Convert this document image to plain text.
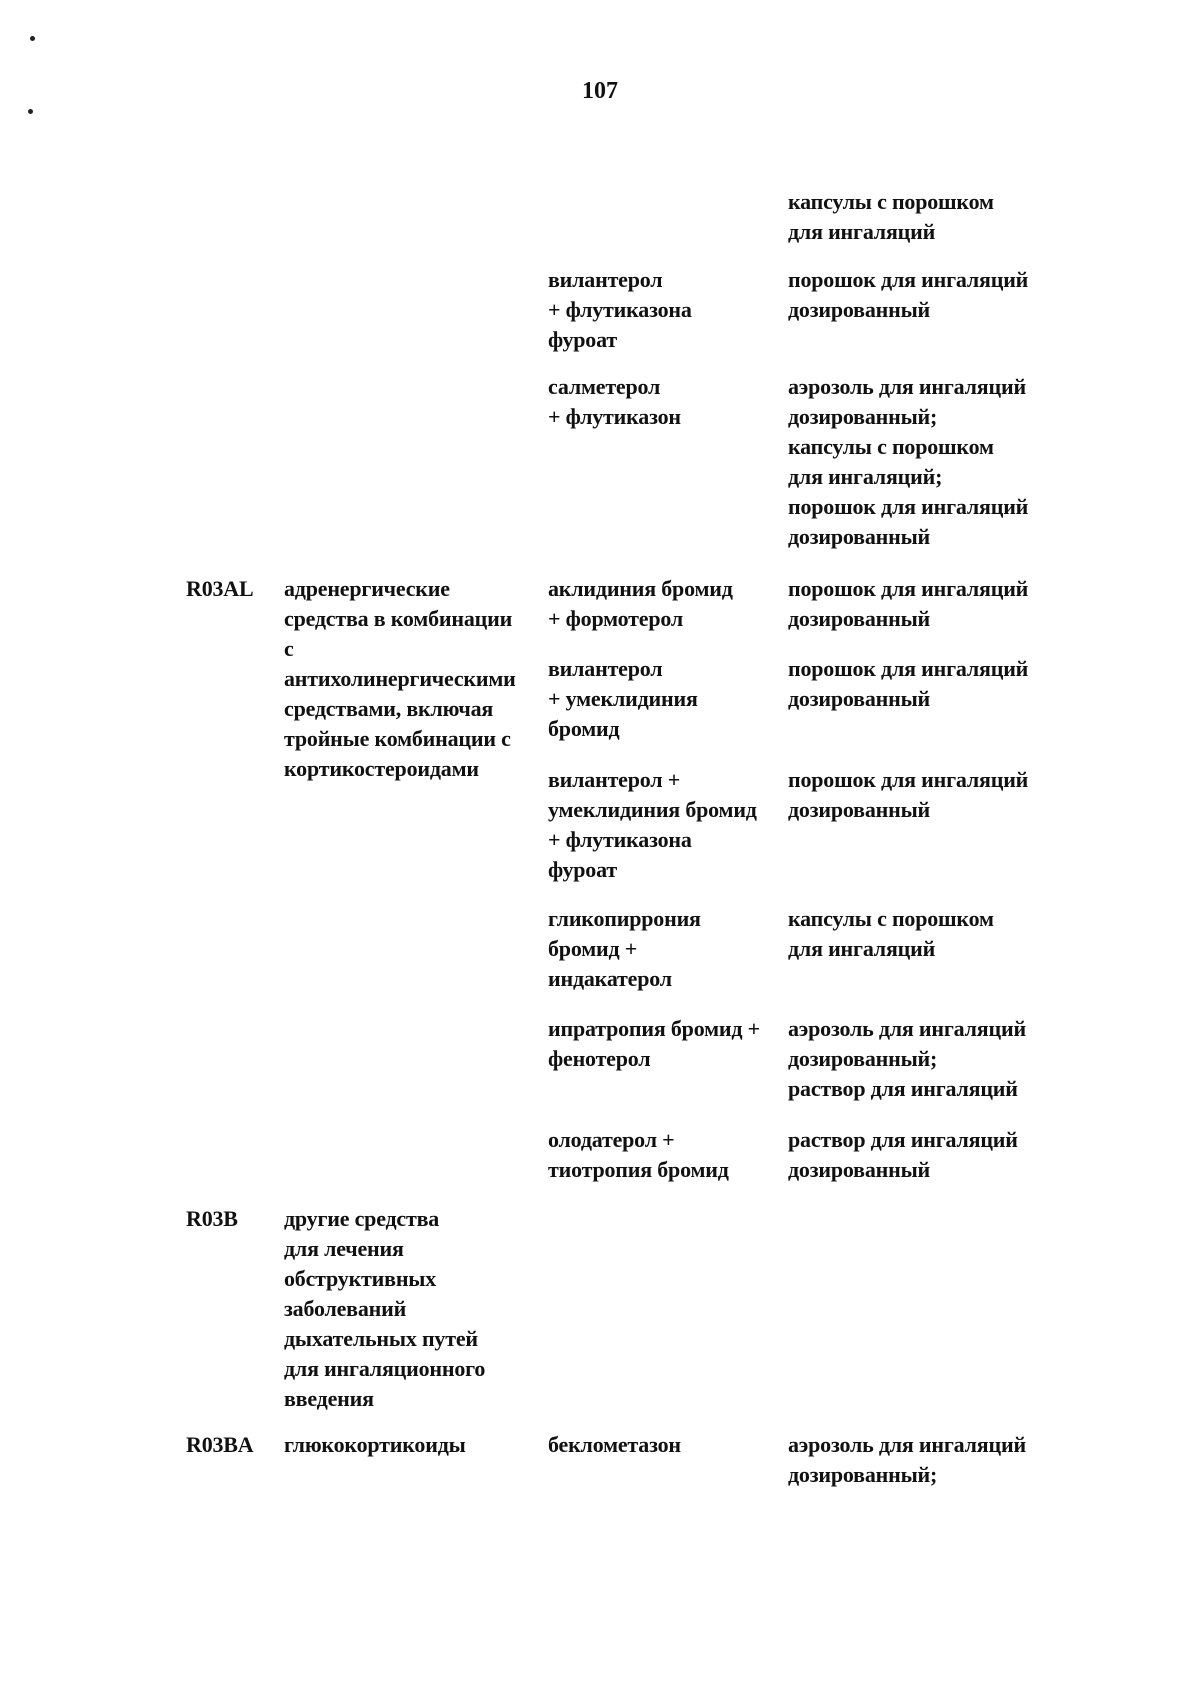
107
капсулы с порошком
для ингаляций
вилантерол
+ флутиказона
фуроат
порошок для ингаляций
дозированный
салметерол
+ флутиказон
аэрозоль для ингаляций
дозированный;
капсулы с порошком
для ингаляций;
порошок для ингаляций
дозированный
R03AL адренергические
средства в комбинации
с
антихолинергическими
средствами, включая
тройные комбинации с
кортикостероидами
аклидиния бромид
+ формотерол
порошок для ингаляций
дозированный
вилантерол
+ умеклидиния
бромид
порошок для ингаляций
дозированный
вилантерол +
умеклидиния бромид
+ флутиказона
фуроат
порошок для ингаляций
дозированный
гликопиррония
бромид +
индакатерол
капсулы с порошком
для ингаляций
ипратропия бромид +
фенотерол
аэрозоль для ингаляций
дозированный;
раствор для ингаляций
олодатерол +
тиотропия бромид
раствор для ингаляций
дозированный
R03B другие средства
для лечения
обструктивных
заболеваний
дыхательных путей
для ингаляционного
введения
R03BA глюкокортикоиды	беклометазон	аэрозоль для ингаляций
дозированный;
